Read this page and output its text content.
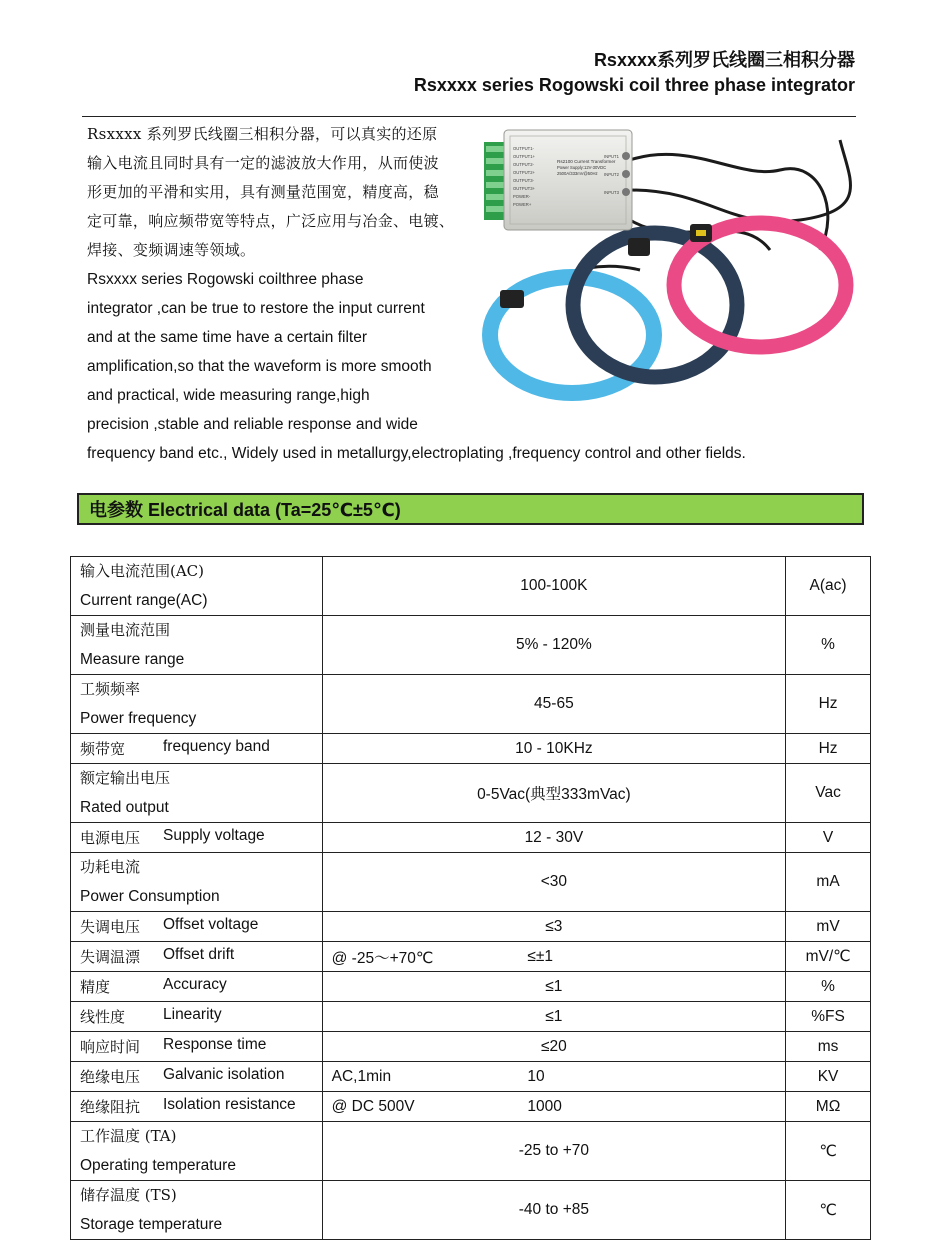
Rsxxxx系列罗氏线圈三相积分器
Rsxxxx series Rogowski coil three phase integrator
Rsxxxx 系列罗氏线圈三相积分器，可以真实的还原
输入电流且同时具有一定的滤波放大作用，从而使波
形更加的平滑和实用，具有测量范围宽，精度高，稳
定可靠，响应频带宽等特点，广泛应用与冶金、电镀、
焊接、变频调速等领域。
Rsxxxx series Rogowski coilthree phase
integrator ,can be true to restore the input current
and at the same time have a certain filter
amplification,so that the waveform is more smooth
and practical, wide measuring range,high
precision ,stable and reliable response and wide
frequency band etc., Widely used in metallurgy,electroplating ,frequency control and other fields.
Rs2100 Current Transformer
Power Supply:12V-30VDC
2500A/333mV@50Hz
OUTPUT1-
OUTPUT1+
OUTPUT2-
OUTPUT2+
OUTPUT3-
OUTPUT3+
POWER-
POWER+
INPUT1
INPUT2
INPUT3
电参数 Electrical data (Ta=25℃±5℃)
输入电流范围(AC)
Current range(AC)	100-100K	A(ac)

测量电流范围
Measure range	5% - 120%	%

工频频率
Power frequency	45-65	Hz

频带宽 frequency band	10 - 10KHz	Hz

额定输出电压
Rated output	0-5Vac(典型333mVac)	Vac

电源电压 Supply voltage	12 - 30V	V

功耗电流
Power Consumption	<30	mA

失调电压 Offset voltage	≤3	mV

失调温漂 Offset drift	@ -25～+70℃ ≤±1	mV/℃

精度 Accuracy	≤1	%

线性度 Linearity	≤1	%FS

响应时间 Response time	≤20	ms

绝缘电压 Galvanic isolation	AC,1min 10	KV

绝缘阻抗 Isolation resistance	@ DC 500V 1000	MΩ

工作温度 (TA)
Operating temperature	-25 to +70	℃

储存温度 (TS)
Storage temperature	-40 to +85	℃
